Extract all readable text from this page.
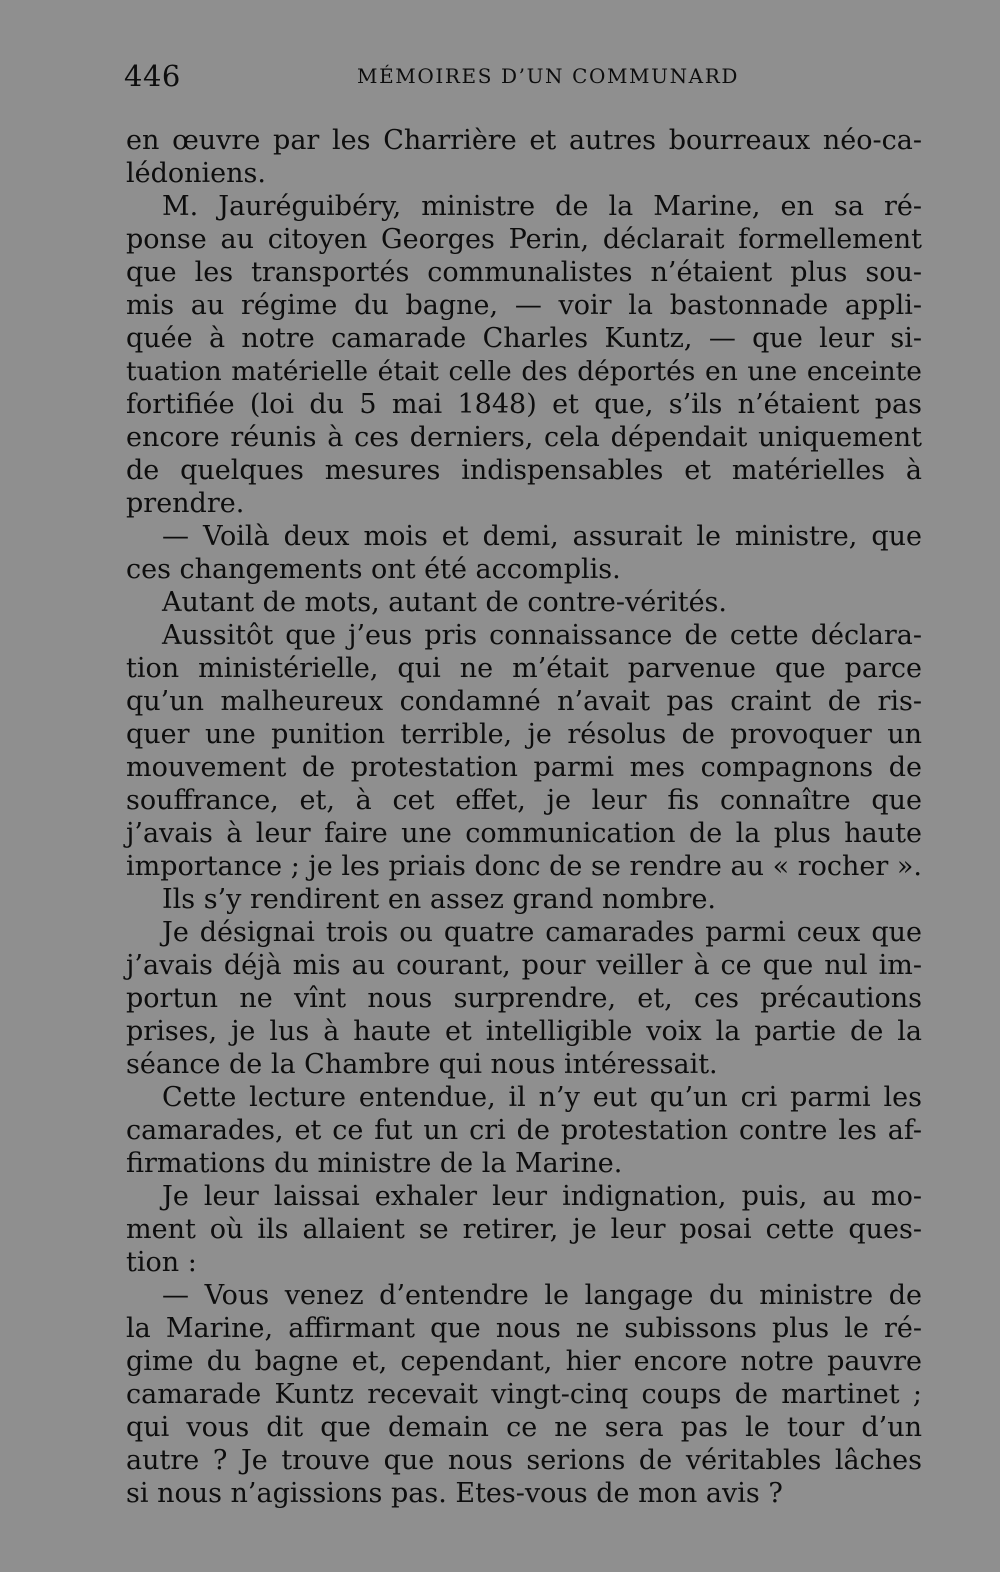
446	MÉMOIRES D’UN COMMUNARD
en œuvre par les Charrière et autres bourreaux néo-ca-
lédoniens.
M. Jauréguibéry, ministre de la Marine, en sa ré-
ponse au citoyen Georges Perin, déclarait formellement
que les transportés communalistes n’étaient plus sou-
mis au régime du bagne, — voir la bastonnade appli-
quée à notre camarade Charles Kuntz, — que leur si-
tuation matérielle était celle des déportés en une enceinte
fortifiée (loi du 5 mai 1848) et que, s’ils n’étaient pas
encore réunis à ces derniers, cela dépendait uniquement
de quelques mesures indispensables et matérielles à
prendre.
— Voilà deux mois et demi, assurait le ministre, que
ces changements ont été accomplis.
Autant de mots, autant de contre-vérités.
Aussitôt que j’eus pris connaissance de cette déclara-
tion ministérielle, qui ne m’était parvenue que parce
qu’un malheureux condamné n’avait pas craint de ris-
quer une punition terrible, je résolus de provoquer un
mouvement de protestation parmi mes compagnons de
souffrance, et, à cet effet, je leur fis connaître que
j’avais à leur faire une communication de la plus haute
importance ; je les priais donc de se rendre au « rocher ».
Ils s’y rendirent en assez grand nombre.
Je désignai trois ou quatre camarades parmi ceux que
j’avais déjà mis au courant, pour veiller à ce que nul im-
portun ne vînt nous surprendre, et, ces précautions
prises, je lus à haute et intelligible voix la partie de la
séance de la Chambre qui nous intéressait.
Cette lecture entendue, il n’y eut qu’un cri parmi les
camarades, et ce fut un cri de protestation contre les af-
firmations du ministre de la Marine.
Je leur laissai exhaler leur indignation, puis, au mo-
ment où ils allaient se retirer, je leur posai cette ques-
tion :
— Vous venez d’entendre le langage du ministre de
la Marine, affirmant que nous ne subissons plus le ré-
gime du bagne et, cependant, hier encore notre pauvre
camarade Kuntz recevait vingt-cinq coups de martinet ;
qui vous dit que demain ce ne sera pas le tour d’un
autre ? Je trouve que nous serions de véritables lâches
si nous n’agissions pas. Etes-vous de mon avis ?
